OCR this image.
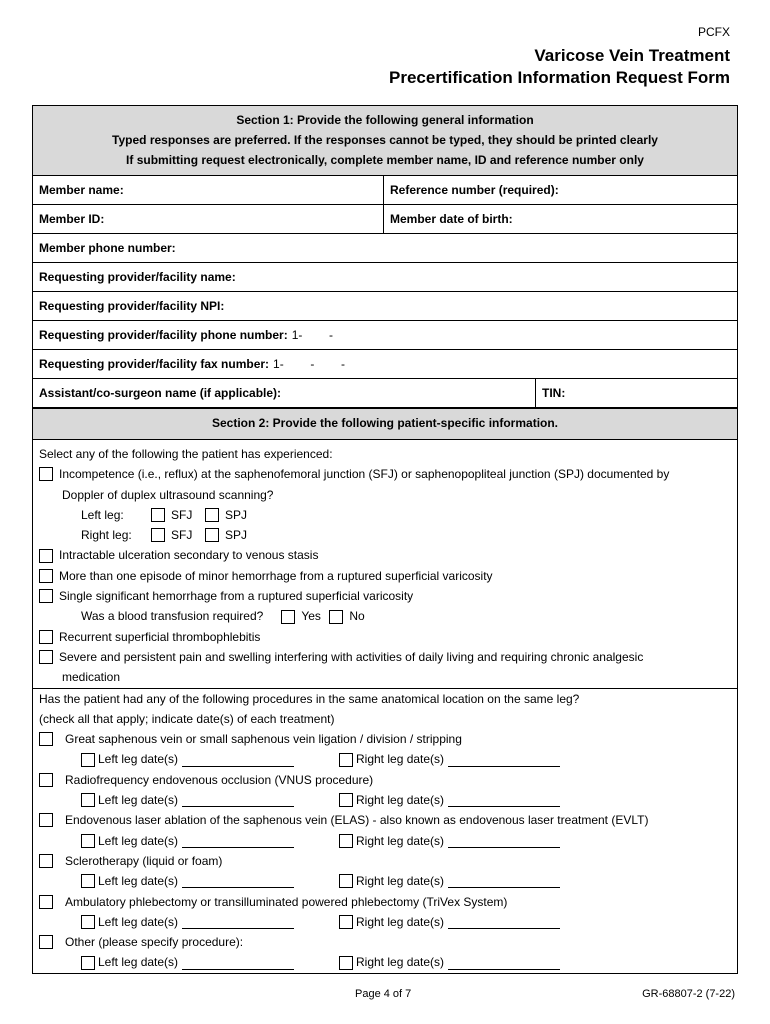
PCFX
Varicose Vein Treatment
Precertification Information Request Form
Section 1: Provide the following general information
Typed responses are preferred. If the responses cannot be typed, they should be printed clearly
If submitting request electronically, complete member name, ID and reference number only
Member name:	Reference number (required):
Member ID:	Member date of birth:
Member phone number:
Requesting provider/facility name:
Requesting provider/facility NPI:
Requesting provider/facility phone number: 1-        -
Requesting provider/facility fax number: 1-        -        -
Assistant/co-surgeon name (if applicable):	TIN:
Section 2: Provide the following patient-specific information.
Select any of the following the patient has experienced:
Incompetence (i.e., reflux) at the saphenofemoral junction (SFJ) or saphenopopliteal junction (SPJ) documented by
Doppler of duplex ultrasound scanning?
Left leg:	SFJ	SPJ
Right leg:	SFJ	SPJ
Intractable ulceration secondary to venous stasis
More than one episode of minor hemorrhage from a ruptured superficial varicosity
Single significant hemorrhage from a ruptured superficial varicosity
Was a blood transfusion required?	Yes	No
Recurrent superficial thrombophlebitis
Severe and persistent pain and swelling interfering with activities of daily living and requiring chronic analgesic
medication
Has the patient had any of the following procedures in the same anatomical location on the same leg?
(check all that apply; indicate date(s) of each treatment)
Great saphenous vein or small saphenous vein ligation / division / stripping
Left leg date(s)	Right leg date(s)
Radiofrequency endovenous occlusion (VNUS procedure)
Left leg date(s)	Right leg date(s)
Endovenous laser ablation of the saphenous vein (ELAS) - also known as endovenous laser treatment (EVLT)
Left leg date(s)	Right leg date(s)
Sclerotherapy (liquid or foam)
Left leg date(s)	Right leg date(s)
Ambulatory phlebectomy or transilluminated powered phlebectomy (TriVex System)
Left leg date(s)	Right leg date(s)
Other (please specify procedure):
Left leg date(s)	Right leg date(s)
Page 4 of 7	GR-68807-2 (7-22)
